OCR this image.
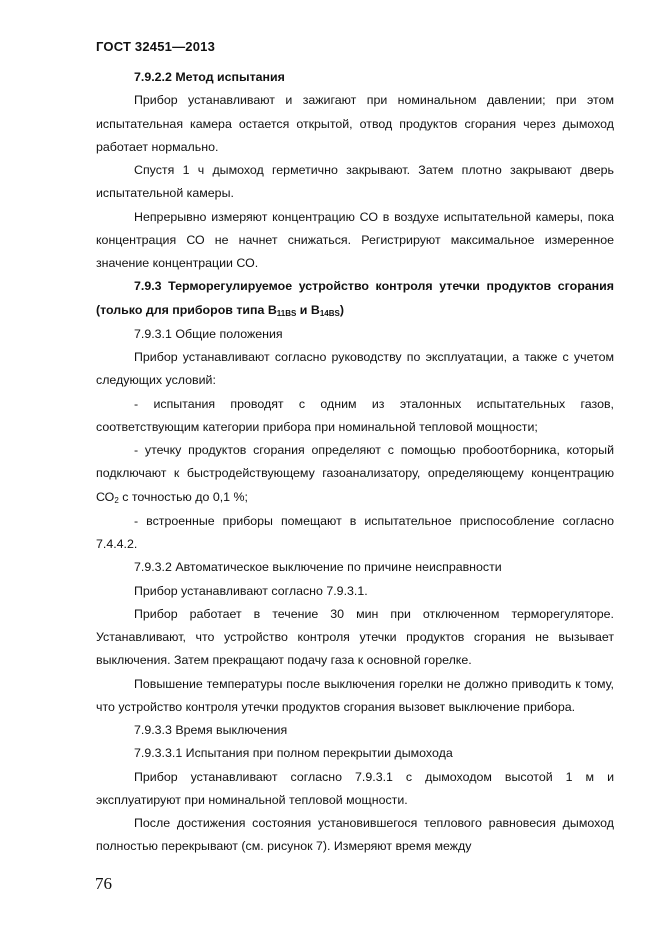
ГОСТ 32451—2013

7.9.2.2 Метод испытания

Прибор устанавливают и зажигают при номинальном давлении; при этом испытательная камера остается открытой, отвод продуктов сгорания через дымоход работает нормально.

Спустя 1 ч дымоход герметично закрывают. Затем плотно закрывают дверь испытательной камеры.

Непрерывно измеряют концентрацию СО в воздухе испытательной камеры, пока концентрация СО не начнет снижаться. Регистрируют максимальное измеренное значение концентрации СО.

7.9.3 Терморегулируемое устройство контроля утечки продуктов сгорания (только для приборов типа В11BS и В14BS)

7.9.3.1 Общие положения

Прибор устанавливают согласно руководству по эксплуатации, а также с учетом следующих условий:

- испытания проводят с одним из эталонных испытательных газов, соответствующим категории прибора при номинальной тепловой мощности;

- утечку продуктов сгорания определяют с помощью пробоотборника, который подключают к быстродействующему газоанализатору, определяющему концентрацию СО2 с точностью до 0,1 %;

- встроенные приборы помещают в испытательное приспособление согласно 7.4.4.2.

7.9.3.2 Автоматическое выключение по причине неисправности

Прибор устанавливают согласно 7.9.3.1.

Прибор работает в течение 30 мин при отключенном терморегуляторе. Устанавливают, что устройство контроля утечки продуктов сгорания не вызывает выключения. Затем прекращают подачу газа к основной горелке.

Повышение температуры после выключения горелки не должно приводить к тому, что устройство контроля утечки продуктов сгорания вызовет выключение прибора.

7.9.3.3 Время выключения

7.9.3.3.1 Испытания при полном перекрытии дымохода

Прибор устанавливают согласно 7.9.3.1 с дымоходом высотой 1 м и эксплуатируют при номинальной тепловой мощности.

После достижения состояния установившегося теплового равновесия дымоход полностью перекрывают (см. рисунок 7). Измеряют время между

76
